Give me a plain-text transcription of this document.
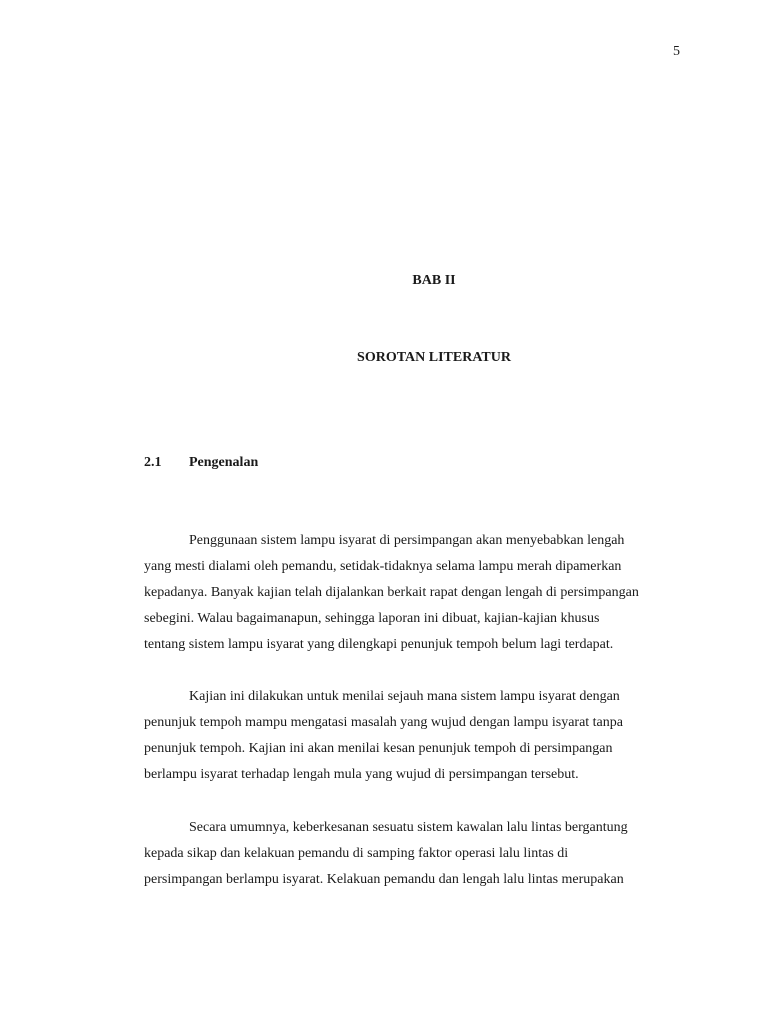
5
BAB II
SOROTAN LITERATUR
2.1 Pengenalan

Penggunaan sistem lampu isyarat di persimpangan akan menyebabkan lengah
yang mesti dialami oleh pemandu, setidak-tidaknya selama lampu merah dipamerkan
kepadanya. Banyak kajian telah dijalankan berkait rapat dengan lengah di persimpangan
sebegini. Walau bagaimanapun, sehingga laporan ini dibuat, kajian-kajian khusus
tentang sistem lampu isyarat yang dilengkapi penunjuk tempoh belum lagi terdapat.

Kajian ini dilakukan untuk menilai sejauh mana sistem lampu isyarat dengan
penunjuk tempoh mampu mengatasi masalah yang wujud dengan lampu isyarat tanpa
penunjuk tempoh. Kajian ini akan menilai kesan penunjuk tempoh di persimpangan
berlampu isyarat terhadap lengah mula yang wujud di persimpangan tersebut.

Secara umumnya, keberkesanan sesuatu sistem kawalan lalu lintas bergantung
kepada sikap dan kelakuan pemandu di samping faktor operasi lalu lintas di
persimpangan berlampu isyarat. Kelakuan pemandu dan lengah lalu lintas merupakan
